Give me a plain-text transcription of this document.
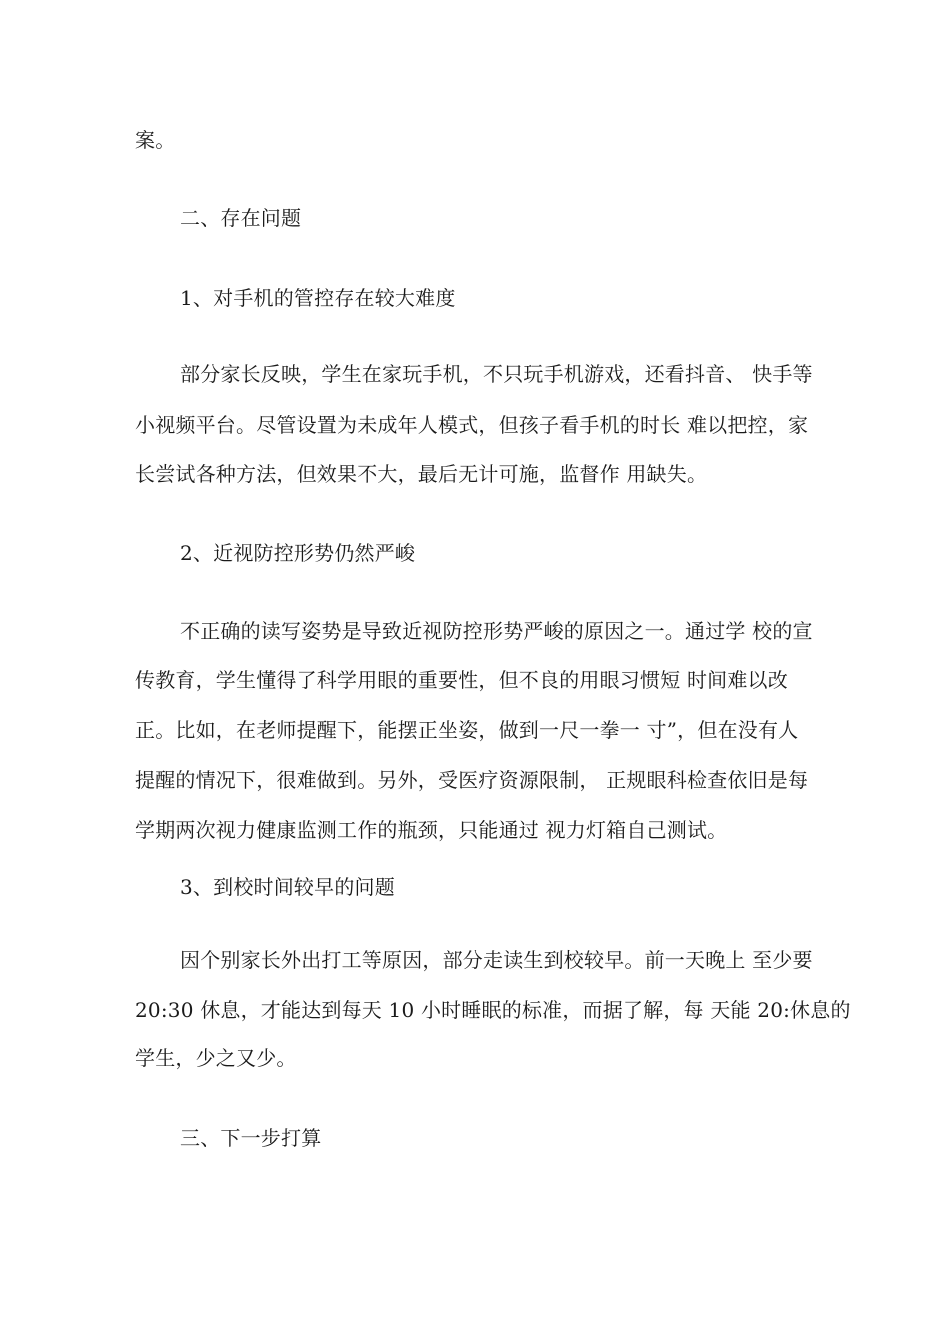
案。
二、存在问题
1、对手机的管控存在较大难度
部分家长反映，学生在家玩手机，不只玩手机游戏，还看抖音、 快手等
小视频平台。尽管设置为未成年人模式，但孩子看手机的时长 难以把控，家
长尝试各种方法，但效果不大，最后无计可施，监督作 用缺失。
2、近视防控形势仍然严峻
不正确的读写姿势是导致近视防控形势严峻的原因之一。通过学 校的宣
传教育，学生懂得了科学用眼的重要性，但不良的用眼习惯短 时间难以改
正。比如，在老师提醒下，能摆正坐姿，做到一尺一拳一 寸”，但在没有人
提醒的情况下，很难做到。另外，受医疗资源限制， 正规眼科检查依旧是每
学期两次视力健康监测工作的瓶颈，只能通过 视力灯箱自己测试。
3、到校时间较早的问题
因个别家长外出打工等原因，部分走读生到校较早。前一天晚上 至少要
20:30 休息，才能达到每天 10 小时睡眠的标准，而据了解，每 天能 20:休息的
学生，少之又少。
三、下一步打算
